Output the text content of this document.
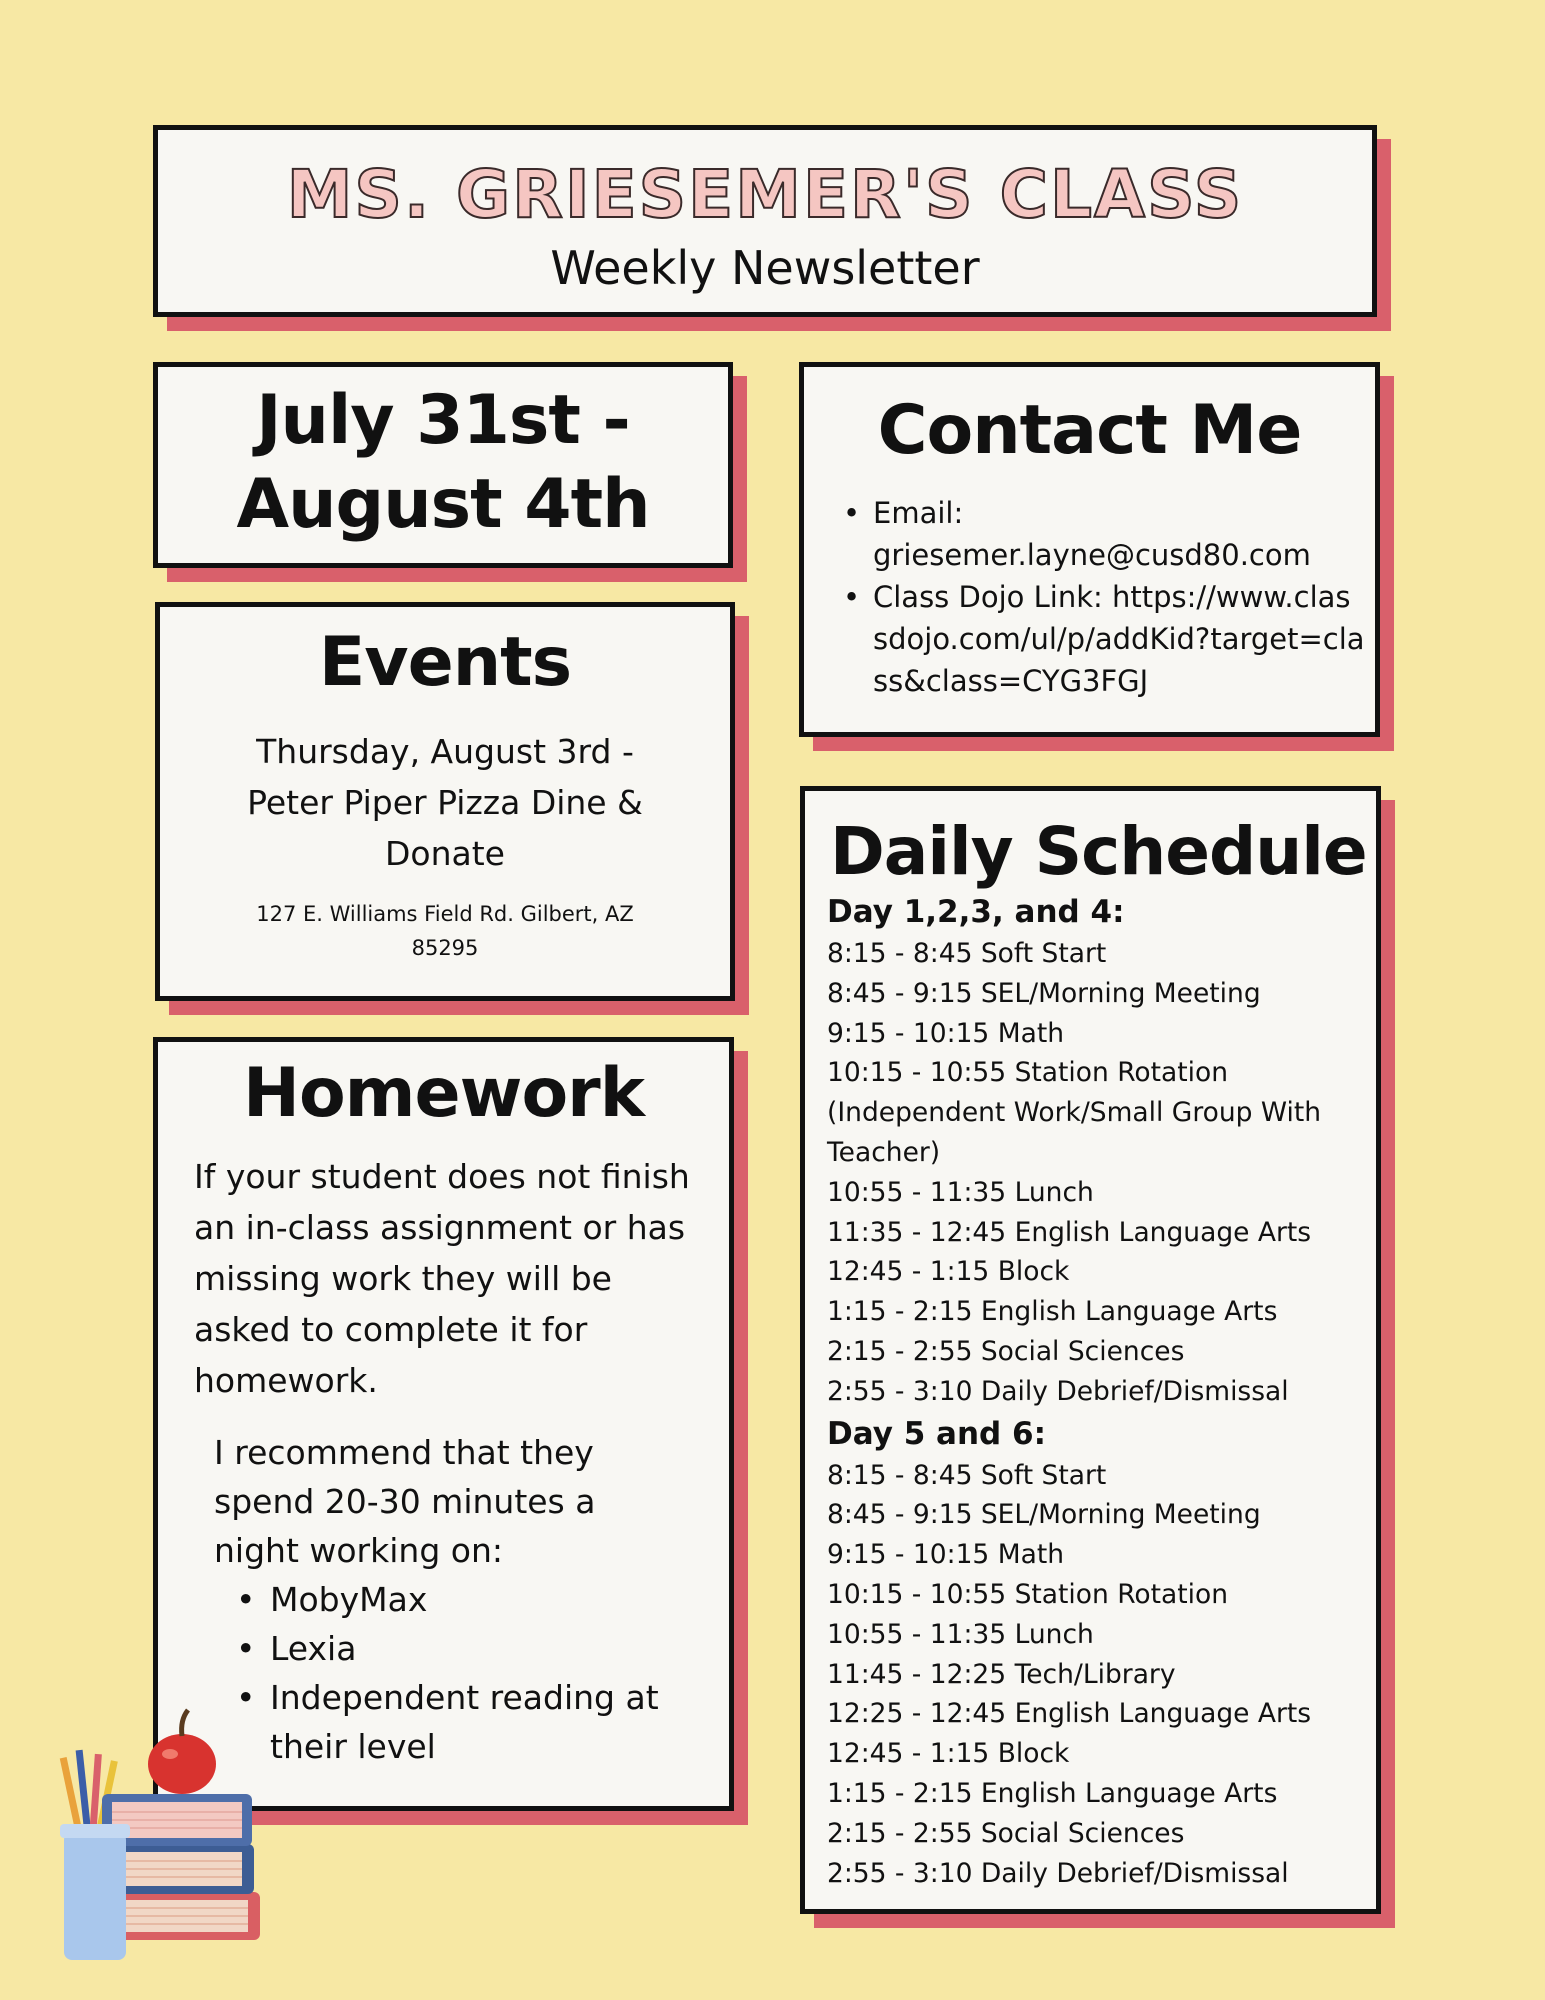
MS. GRIESEMER'S CLASS
Weekly Newsletter
July 31st -
August 4th
Events
Thursday, August 3rd - Peter Piper Pizza Dine & Donate
127 E. Williams Field Rd. Gilbert, AZ 85295
Homework
If your student does not finish an in-class assignment or has missing work they will be asked to complete it for homework.
I recommend that they spend 20-30 minutes a night working on:
• MobyMax
• Lexia
• Independent reading at their level
Contact Me
• Email: griesemer.layne@cusd80.com
• Class Dojo Link: https://www.classdojo.com/ul/p/addKid?target=class&class=CYG3FGJ
Daily Schedule
Day 1,2,3, and 4:
8:15 - 8:45 Soft Start
8:45 - 9:15 SEL/Morning Meeting
9:15 - 10:15 Math
10:15 - 10:55 Station Rotation (Independent Work/Small Group With Teacher)
10:55 - 11:35 Lunch
11:35 - 12:45 English Language Arts
12:45 - 1:15 Block
1:15 - 2:15 English Language Arts
2:15 - 2:55 Social Sciences
2:55 - 3:10 Daily Debrief/Dismissal
Day 5 and 6:
8:15 - 8:45 Soft Start
8:45 - 9:15 SEL/Morning Meeting
9:15 - 10:15 Math
10:15 - 10:55 Station Rotation
10:55 - 11:35 Lunch
11:45 - 12:25 Tech/Library
12:25 - 12:45 English Language Arts
12:45 - 1:15 Block
1:15 - 2:15 English Language Arts
2:15 - 2:55 Social Sciences
2:55 - 3:10 Daily Debrief/Dismissal
